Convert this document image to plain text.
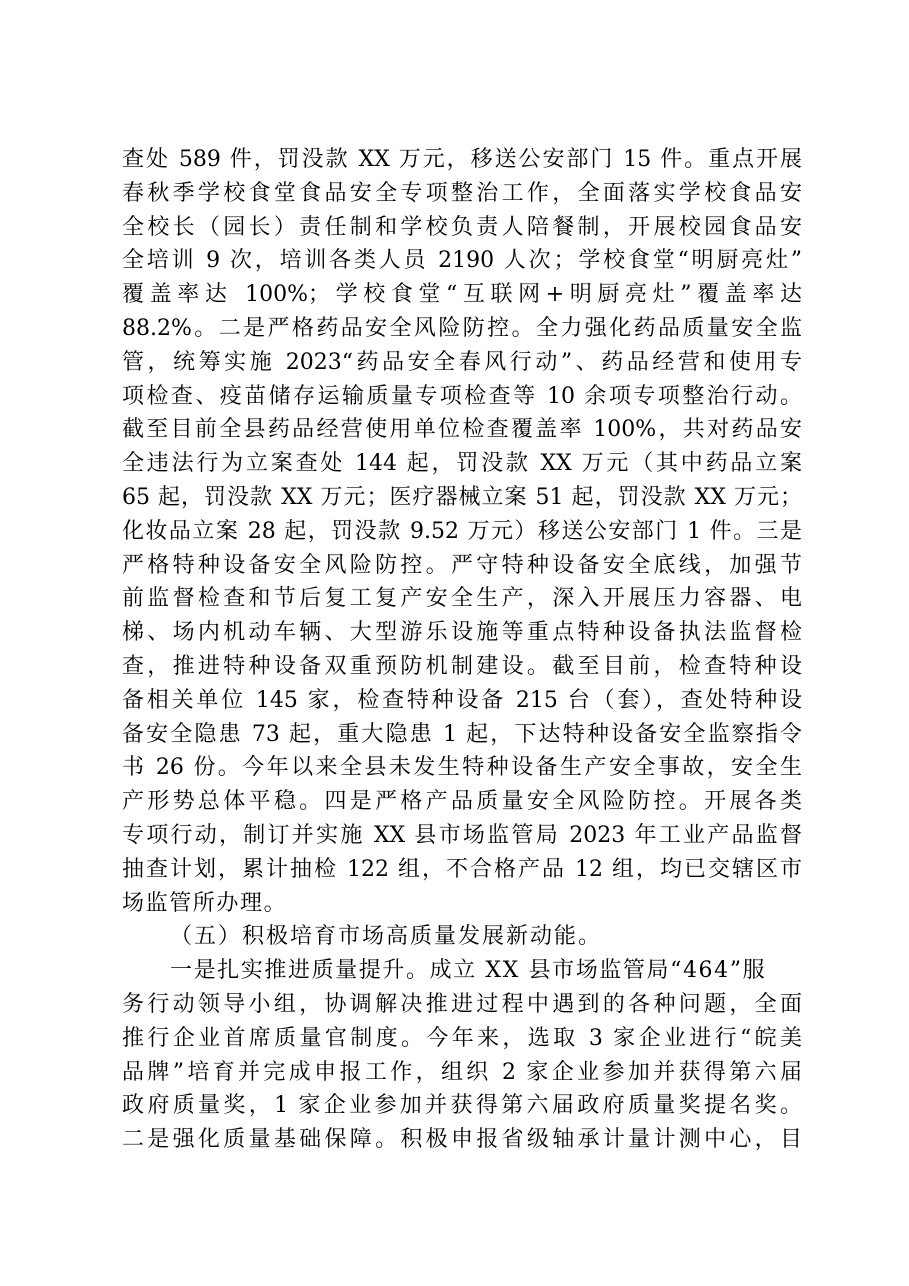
查处 589 件，罚没款 XX 万元，移送公安部门 15 件。重点开展
春秋季学校食堂食品安全专项整治工作，全面落实学校食品安
全校长（园长）责任制和学校负责人陪餐制，开展校园食品安
全培训 9 次，培训各类人员 2190 人次；学校食堂“明厨亮灶”
覆盖率达 100%；学校食堂“互联网+明厨亮灶”覆盖率达
88.2%。二是严格药品安全风险防控。全力强化药品质量安全监
管，统筹实施 2023“药品安全春风行动”、药品经营和使用专
项检查、疫苗储存运输质量专项检查等 10 余项专项整治行动。
截至目前全县药品经营使用单位检查覆盖率 100%，共对药品安
全违法行为立案查处 144 起，罚没款 XX 万元（其中药品立案
65 起，罚没款 XX 万元；医疗器械立案 51 起，罚没款 XX 万元；
化妆品立案 28 起，罚没款 9.52 万元）移送公安部门 1 件。三是
严格特种设备安全风险防控。严守特种设备安全底线，加强节
前监督检查和节后复工复产安全生产，深入开展压力容器、电
梯、场内机动车辆、大型游乐设施等重点特种设备执法监督检
查，推进特种设备双重预防机制建设。截至目前，检查特种设
备相关单位 145 家，检查特种设备 215 台（套），查处特种设
备安全隐患 73 起，重大隐患 1 起，下达特种设备安全监察指令
书 26 份。今年以来全县未发生特种设备生产安全事故，安全生
产形势总体平稳。四是严格产品质量安全风险防控。开展各类
专项行动，制订并实施 XX 县市场监管局 2023 年工业产品监督
抽查计划，累计抽检 122 组，不合格产品 12 组，均已交辖区市
场监管所办理。
（五）积极培育市场高质量发展新动能。
一是扎实推进质量提升。成立 XX 县市场监管局“464”服
务行动领导小组，协调解决推进过程中遇到的各种问题，全面
推行企业首席质量官制度。今年来，选取 3 家企业进行“皖美
品牌”培育并完成申报工作，组织 2 家企业参加并获得第六届
政府质量奖，1 家企业参加并获得第六届政府质量奖提名奖。
二是强化质量基础保障。积极申报省级轴承计量计测中心，目
